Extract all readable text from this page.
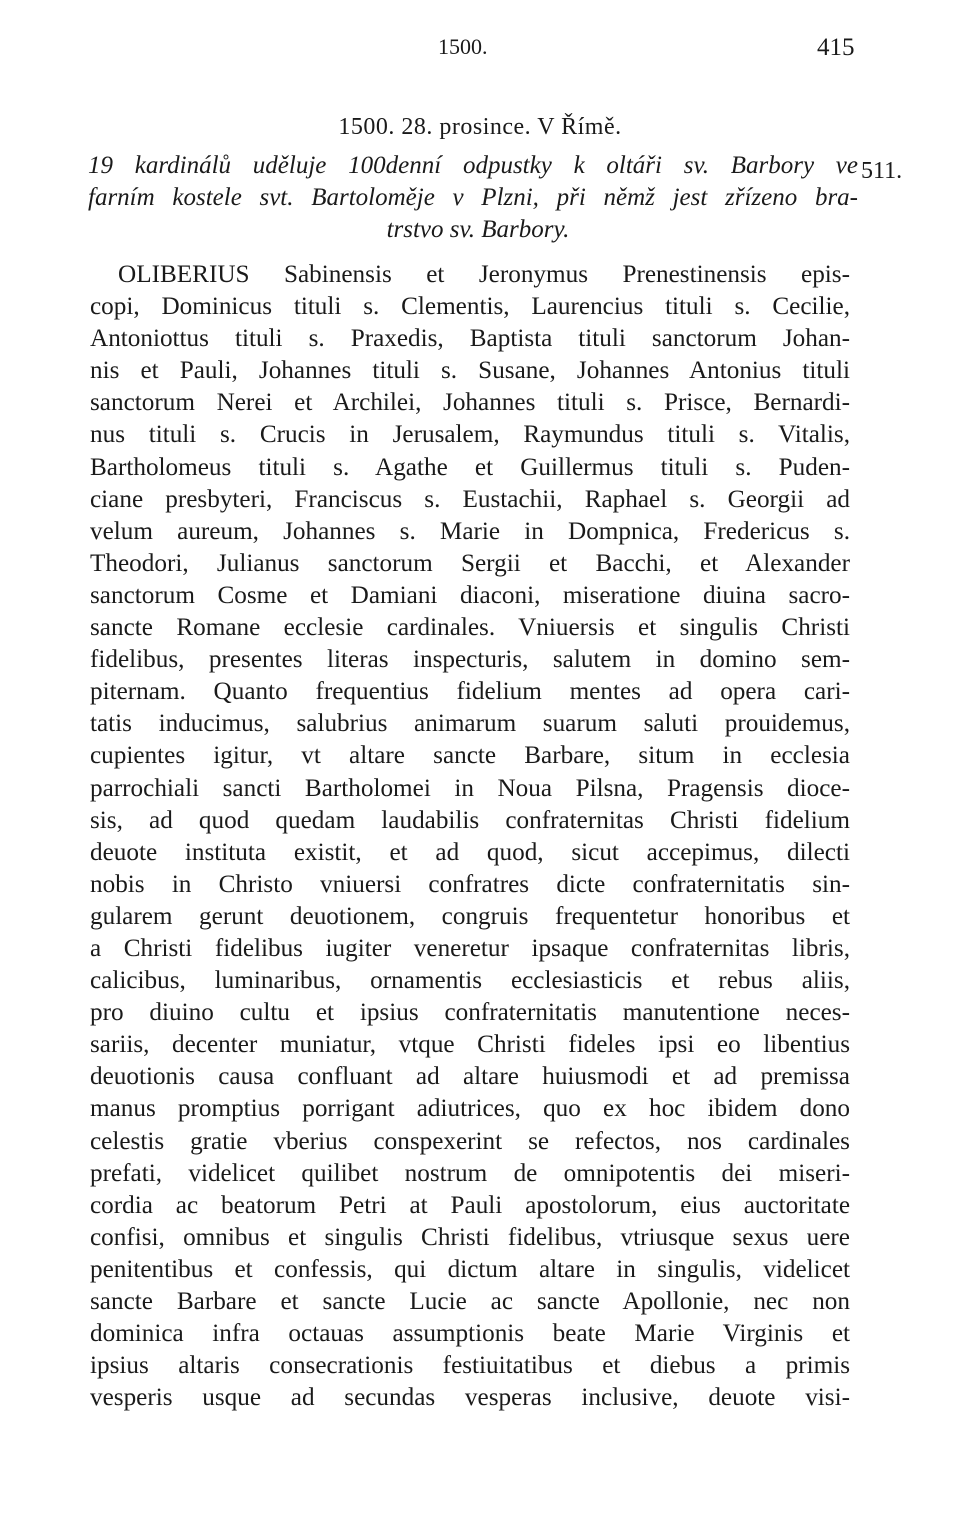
1500.	415
1500. 28. prosince. V Římě.
19 kardinálů uděluje 100denní odpustky k oltáři sv. Barbory ve
farním kostele svt. Bartoloměje v Plzni, při němž jest zřízeno bra-
trstvo sv. Barbory.
511.
OLIBERIUS Sabinensis et Jeronymus Prenestinensis epis-
copi, Dominicus tituli s. Clementis, Laurencius tituli s. Cecilie,
Antoniottus tituli s. Praxedis, Baptista tituli sanctorum Johan-
nis et Pauli, Johannes tituli s. Susane, Johannes Antonius tituli
sanctorum Nerei et Archilei, Johannes tituli s. Prisce, Bernardi-
nus tituli s. Crucis in Jerusalem, Raymundus tituli s. Vitalis,
Bartholomeus tituli s. Agathe et Guillermus tituli s. Puden-
ciane presbyteri, Franciscus s. Eustachii, Raphael s. Georgii ad
velum aureum, Johannes s. Marie in Dompnica, Fredericus s.
Theodori, Julianus sanctorum Sergii et Bacchi, et Alexander
sanctorum Cosme et Damiani diaconi, miseratione diuina sacro-
sancte Romane ecclesie cardinales. Vniuersis et singulis Christi
fidelibus, presentes literas inspecturis, salutem in domino sem-
piternam. Quanto frequentius fidelium mentes ad opera cari-
tatis inducimus, salubrius animarum suarum saluti prouidemus,
cupientes igitur, vt altare sancte Barbare, situm in ecclesia
parrochiali sancti Bartholomei in Noua Pilsna, Pragensis dioce-
sis, ad quod quedam laudabilis confraternitas Christi fidelium
deuote instituta existit, et ad quod, sicut accepimus, dilecti
nobis in Christo vniuersi confratres dicte confraternitatis sin-
gularem gerunt deuotionem, congruis frequentetur honoribus et
a Christi fidelibus iugiter veneretur ipsaque confraternitas libris,
calicibus, luminaribus, ornamentis ecclesiasticis et rebus aliis,
pro diuino cultu et ipsius confraternitatis manutentione neces-
sariis, decenter muniatur, vtque Christi fideles ipsi eo libentius
deuotionis causa confluant ad altare huiusmodi et ad premissa
manus promptius porrigant adiutrices, quo ex hoc ibidem dono
celestis gratie vberius conspexerint se refectos, nos cardinales
prefati, videlicet quilibet nostrum de omnipotentis dei miseri-
cordia ac beatorum Petri at Pauli apostolorum, eius auctoritate
confisi, omnibus et singulis Christi fidelibus, vtriusque sexus uere
penitentibus et confessis, qui dictum altare in singulis, videlicet
sancte Barbare et sancte Lucie ac sancte Apollonie, nec non
dominica infra octauas assumptionis beate Marie Virginis et
ipsius altaris consecrationis festiuitatibus et diebus a primis
vesperis usque ad secundas vesperas inclusive, deuote visi-
